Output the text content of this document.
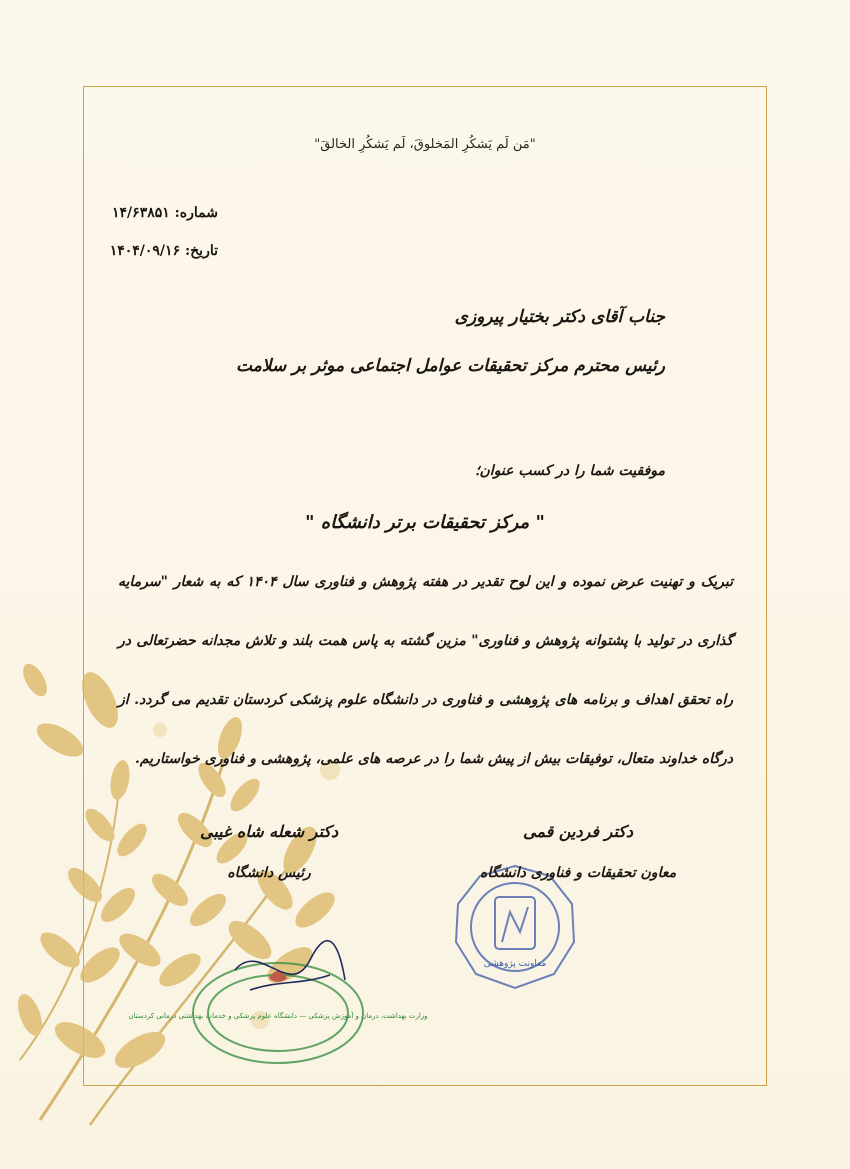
"مَن لَم یَشکُرِ المَخلوقَ، لَم یَشکُرِ الخالقَ"
شماره: ۱۴/۶۳۸۵۱
تاریخ: ۱۴۰۴/۰۹/۱۶
جناب آقای دکتر بختیار پیروزی
رئیس محترم مرکز تحقیقات عوامل اجتماعی موثر بر سلامت
موفقیت شما را در کسب عنوان؛
" مرکز تحقیقات برتر دانشگاه "
تبریک و تهنیت عرض نموده و این لوح تقدیر در هفته پژوهش و فناوری سال ۱۴۰۴ که به شعار "سرمایه گذاری در تولید با پشتوانه پژوهش و فناوری" مزین گشته به پاس همت بلند و تلاش مجدانه حضرتعالی در راه تحقق اهداف و برنامه های پژوهشی و فناوری در دانشگاه علوم پزشکی کردستان تقدیم می گردد. از درگاه خداوند متعال، توفیقات بیش از پیش شما را در عرصه های علمی، پژوهشی و فناوری خواستاریم.
معاونت پژوهشی
وزارت بهداشت، درمان و آموزش پزشکی — دانشگاه علوم پزشکی و خدمات بهداشتی درمانی کردستان
دکتر شعله شاه غیبی
رئیس دانشگاه
دکتر فردین قمی
معاون تحقیقات و فناوری دانشگاه
